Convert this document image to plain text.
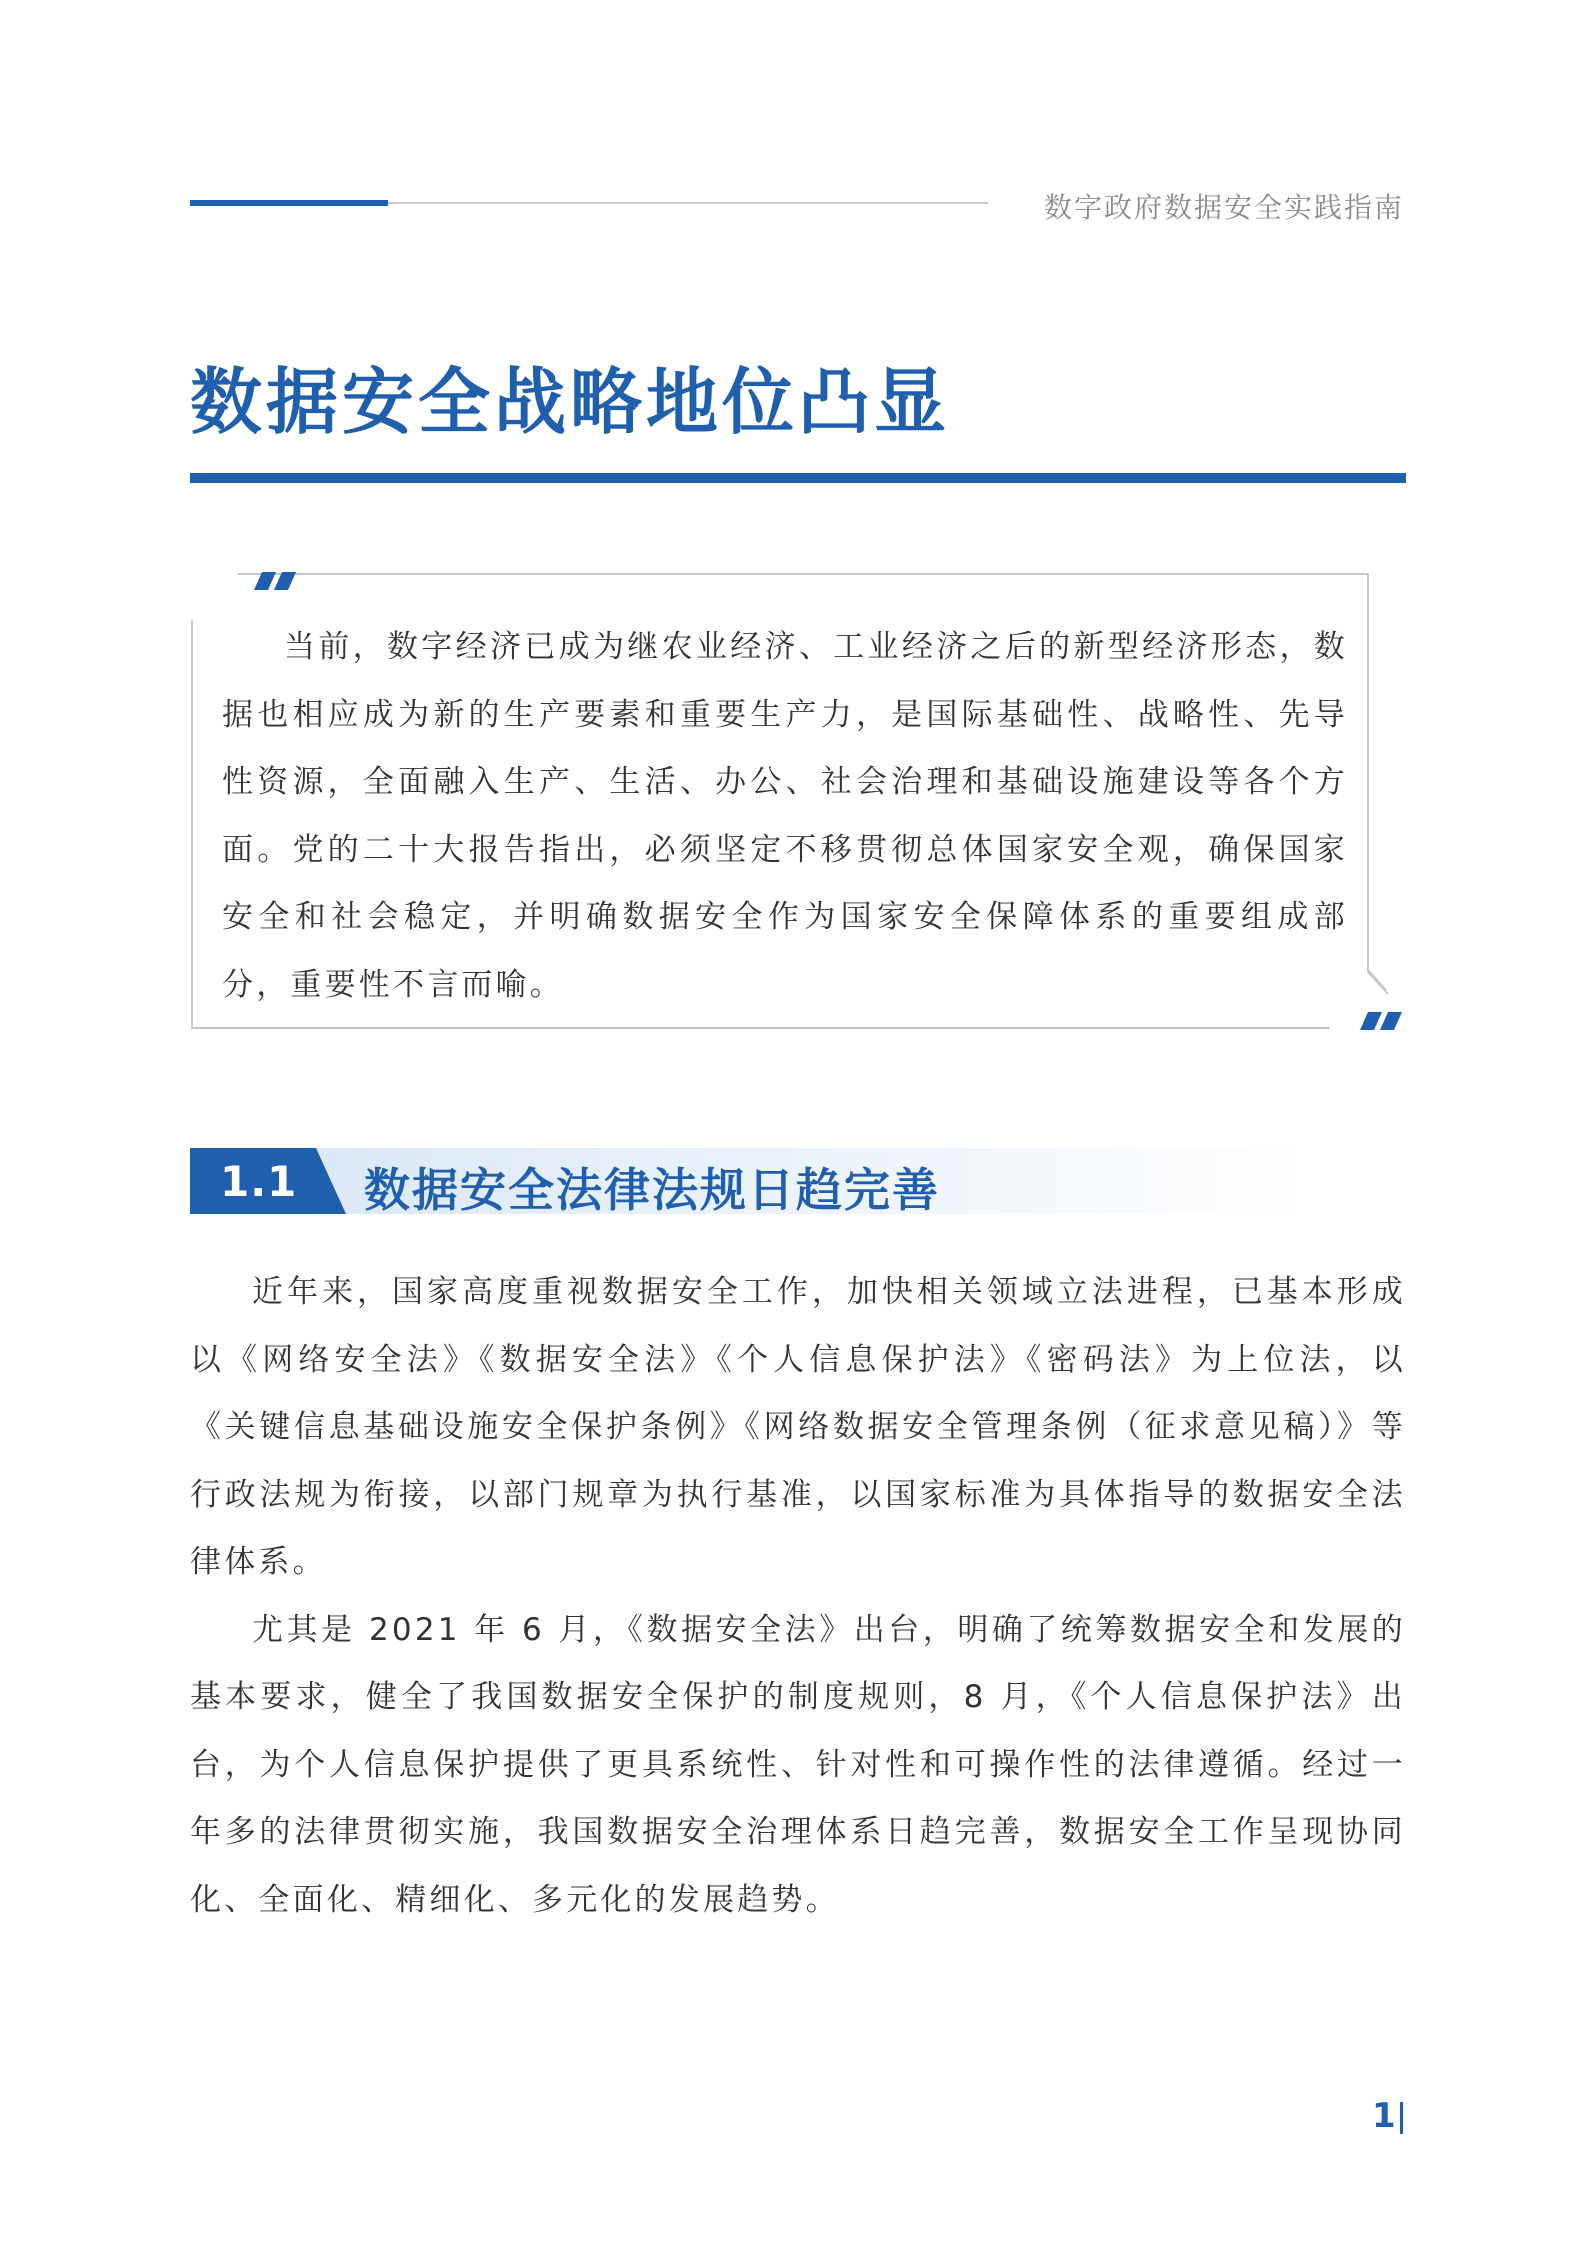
数字政府数据安全实践指南
数据安全战略地位凸显
当前，数字经济已成为继农业经济、工业经济之后的新型经济形态，数据也相应成为新的生产要素和重要生产力，是国际基础性、战略性、先导性资源，全面融入生产、生活、办公、社会治理和基础设施建设等各个方面。党的二十大报告指出，必须坚定不移贯彻总体国家安全观，确保国家安全和社会稳定，并明确数据安全作为国家安全保障体系的重要组成部分，重要性不言而喻。
1.1 数据安全法律法规日趋完善

近年来，国家高度重视数据安全工作，加快相关领域立法进程，已基本形成以《网络安全法》《数据安全法》《个人信息保护法》《密码法》为上位法，以《关键信息基础设施安全保护条例》《网络数据安全管理条例（征求意见稿）》等行政法规为衔接，以部门规章为执行基准，以国家标准为具体指导的数据安全法律体系。

尤其是 2021 年 6 月，《数据安全法》出台，明确了统筹数据安全和发展的基本要求，健全了我国数据安全保护的制度规则，8 月，《个人信息保护法》出台，为个人信息保护提供了更具系统性、针对性和可操作性的法律遵循。经过一年多的法律贯彻实施，我国数据安全治理体系日趋完善，数据安全工作呈现协同化、全面化、精细化、多元化的发展趋势。

1
